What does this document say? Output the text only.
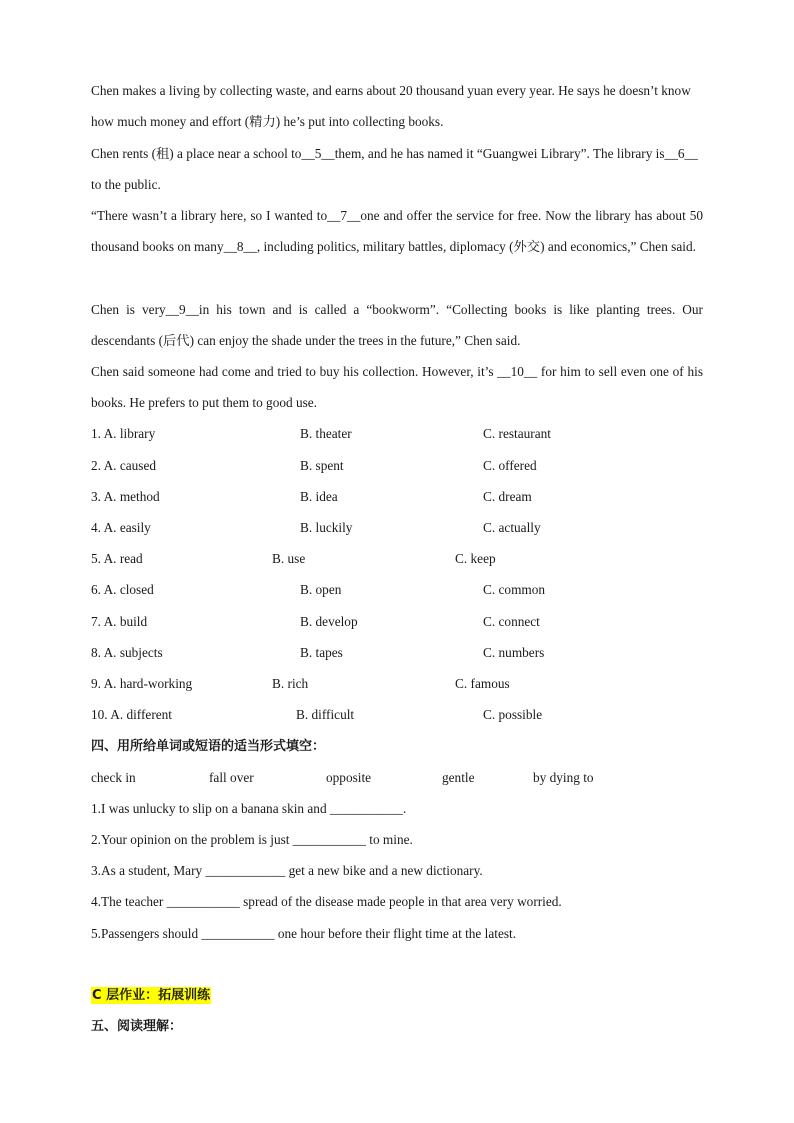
Chen makes a living by collecting waste, and earns about 20 thousand yuan every year. He says he doesn’t know how much money and effort (精力) he’s put into collecting books.

Chen rents (租) a place near a school to__5__them, and he has named it “Guangwei Library”. The library is__6__ to the public.

“There wasn’t a library here, so I wanted to__7__one and offer the service for free. Now the library has about 50 thousand books on many__8__, including politics, military battles, diplomacy (外交) and economics,” Chen said.

Chen is very__9__in his town and is called a “bookworm”. “Collecting books is like planting trees. Our descendants (后代) can enjoy the shade under the trees in the future,” Chen said.

Chen said someone had come and tried to buy his collection. However, it’s __10__ for him to sell even one of his books. He prefers to put them to good use.

1. A. library	B. theater	C. restaurant
2. A. caused	B. spent	C. offered
3. A. method	B. idea	C. dream
4. A. easily	B. luckily	C. actually
5. A. read	B. use	C. keep
6. A. closed	B. open	C. common
7. A. build	B. develop	C. connect
8. A. subjects	B. tapes	C. numbers
9. A. hard-working	B. rich	C. famous
10. A. different	B. difficult	C. possible
四、用所给单词或短语的适当形式填空：
check in	fall over	opposite	gentle	by dying to
1.I was unlucky to slip on a banana skin and ___________.
2.Your opinion on the problem is just ___________ to mine.
3.As a student, Mary ____________ get a new bike and a new dictionary.
4.The teacher ___________ spread of the disease made people in that area very worried.
5.Passengers should ___________ one hour before their flight time at the latest.
C 层作业：拓展训练
五、阅读理解：
